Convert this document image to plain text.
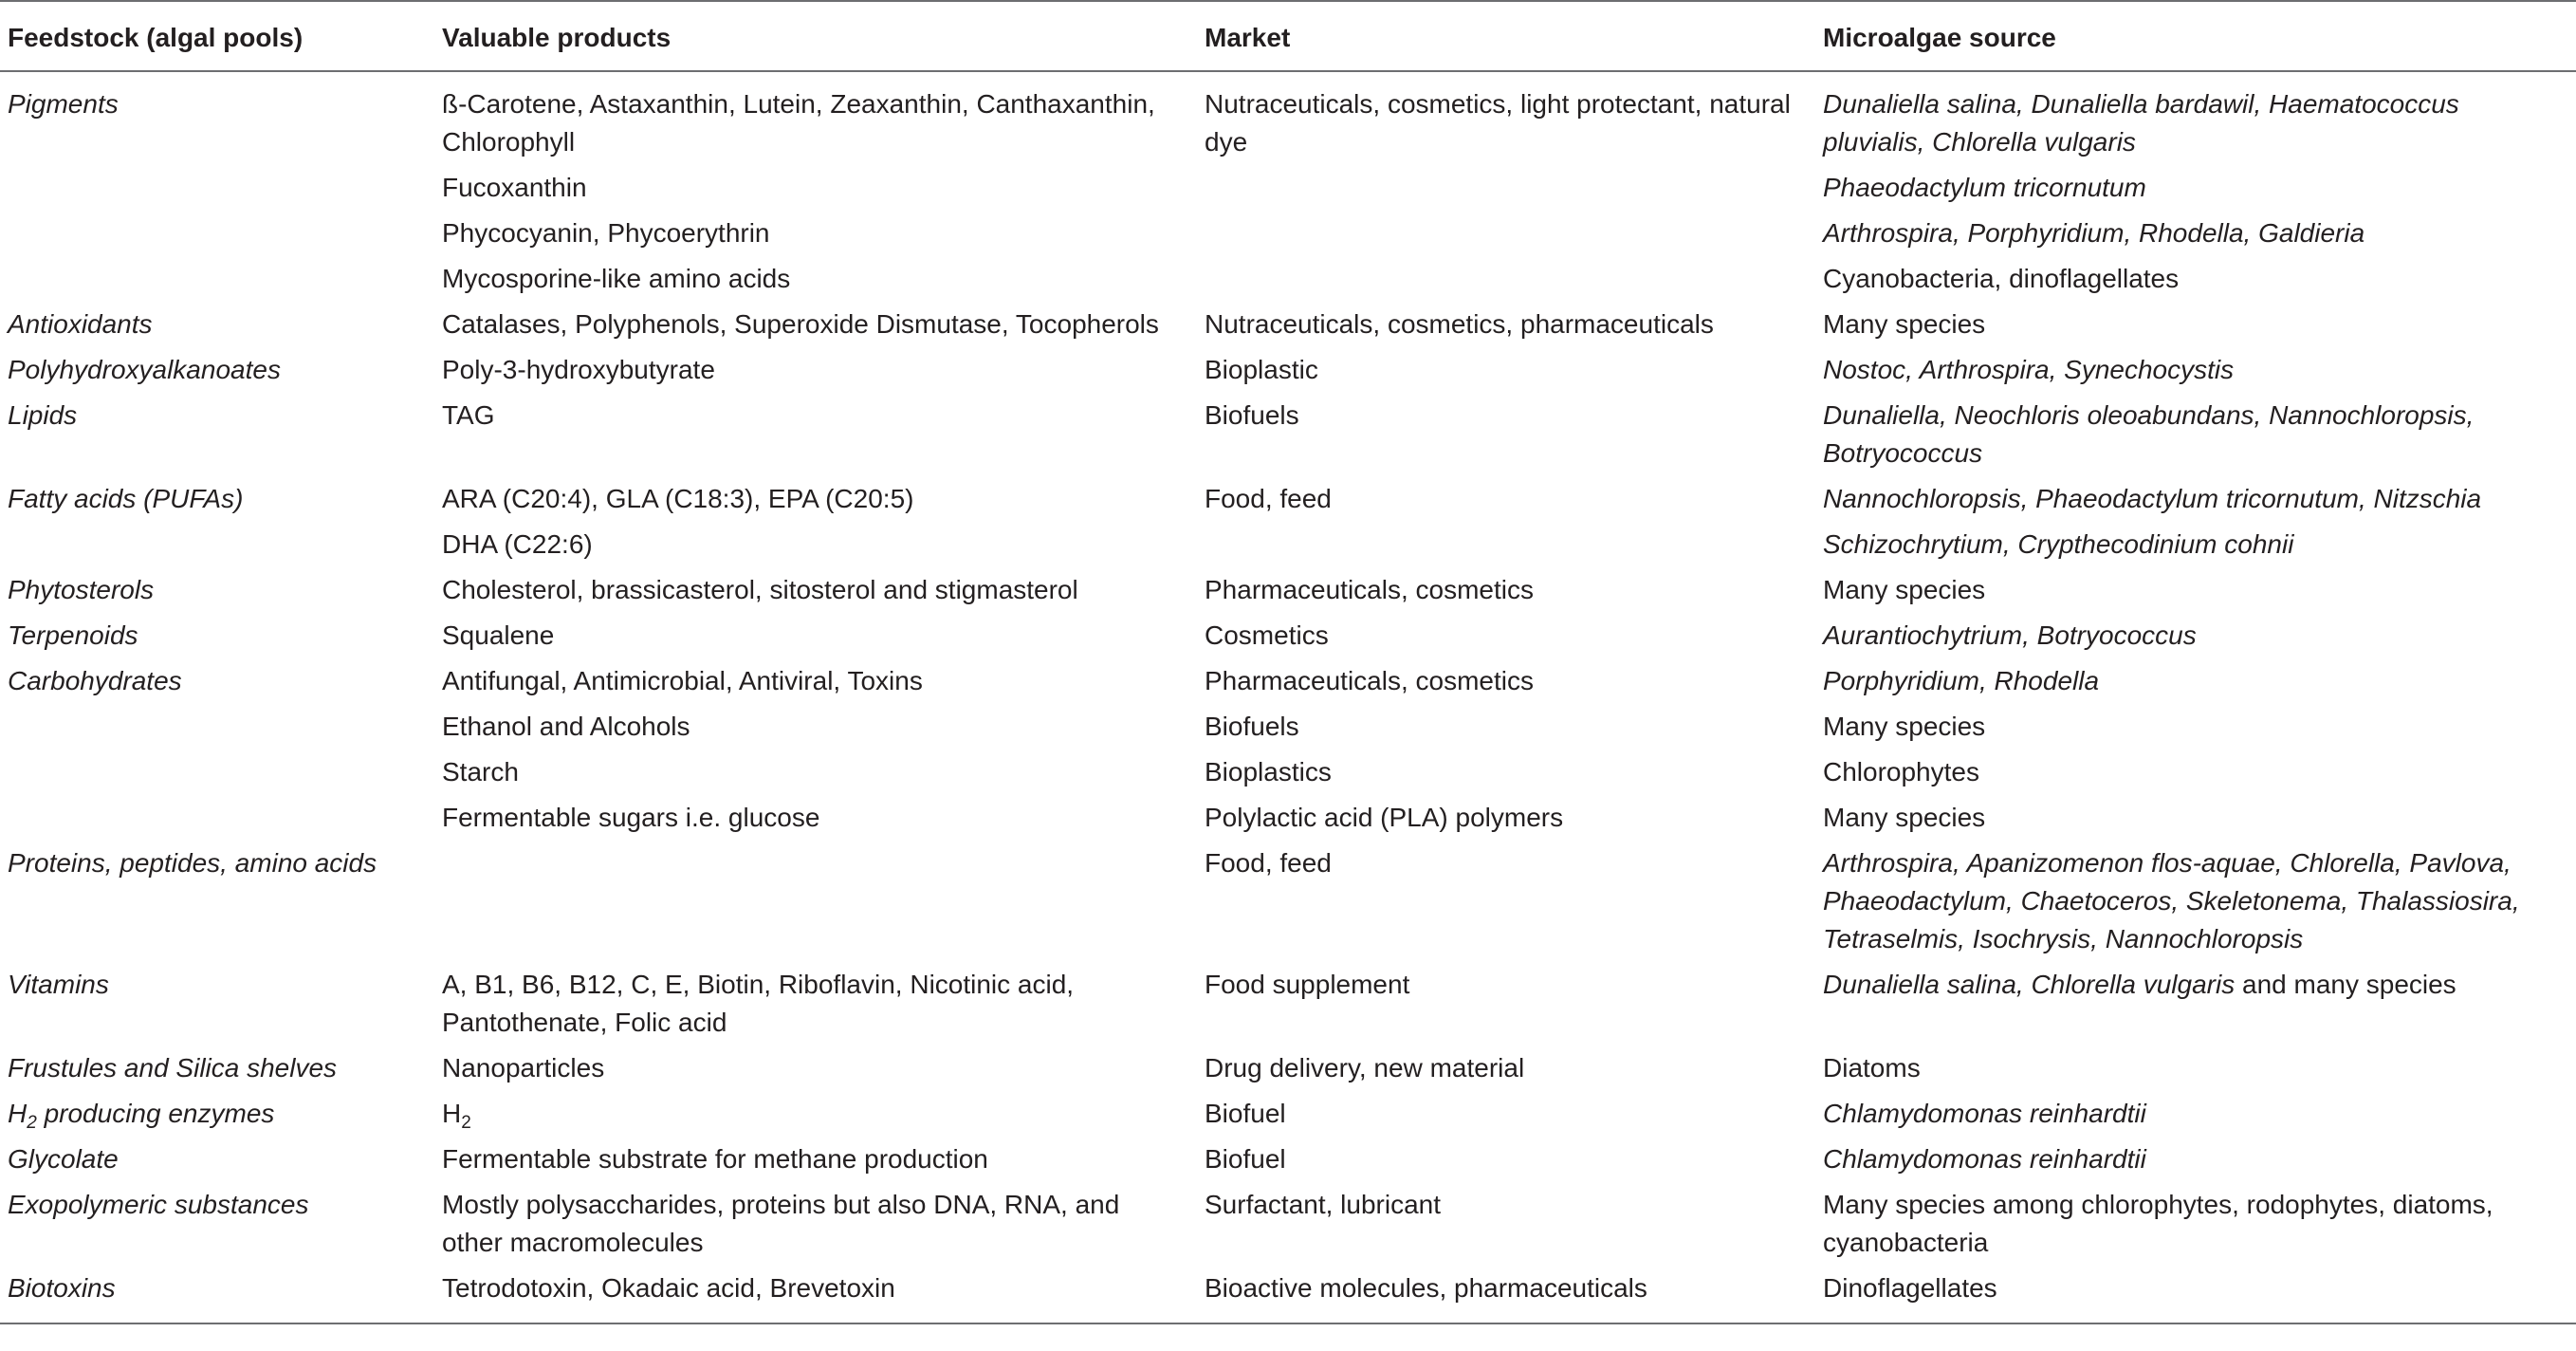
Feedstock (algal pools)	Valuable products	Market	Microalgae source
Pigments	ß-Carotene, Astaxanthin, Lutein, Zeaxanthin, Canthaxanthin, Chlorophyll	Nutraceuticals, cosmetics, light protectant, natural dye	Dunaliella salina, Dunaliella bardawil, Haematococcus pluvialis, Chlorella vulgaris
	Fucoxanthin		Phaeodactylum tricornutum
	Phycocyanin, Phycoerythrin		Arthrospira, Porphyridium, Rhodella, Galdieria
	Mycosporine-like amino acids		Cyanobacteria, dinoflagellates
Antioxidants	Catalases, Polyphenols, Superoxide Dismutase, Tocopherols	Nutraceuticals, cosmetics, pharmaceuticals	Many species
Polyhydroxyalkanoates	Poly-3-hydroxybutyrate	Bioplastic	Nostoc, Arthrospira, Synechocystis
Lipids	TAG	Biofuels	Dunaliella, Neochloris oleoabundans, Nannochloropsis, Botryococcus
Fatty acids (PUFAs)	ARA (C20:4), GLA (C18:3), EPA (C20:5)	Food, feed	Nannochloropsis, Phaeodactylum tricornutum, Nitzschia
	DHA (C22:6)		Schizochrytium, Crypthecodinium cohnii
Phytosterols	Cholesterol, brassicasterol, sitosterol and stigmasterol	Pharmaceuticals, cosmetics	Many species
Terpenoids	Squalene	Cosmetics	Aurantiochytrium, Botryococcus
Carbohydrates	Antifungal, Antimicrobial, Antiviral, Toxins	Pharmaceuticals, cosmetics	Porphyridium, Rhodella
	Ethanol and Alcohols	Biofuels	Many species
	Starch	Bioplastics	Chlorophytes
	Fermentable sugars i.e. glucose	Polylactic acid (PLA) polymers	Many species
Proteins, peptides, amino acids		Food, feed	Arthrospira, Apanizomenon flos-aquae, Chlorella, Pavlova, Phaeodactylum, Chaetoceros, Skeletonema, Thalassiosira, Tetraselmis, Isochrysis, Nannochloropsis
Vitamins	A, B1, B6, B12, C, E, Biotin, Riboflavin, Nicotinic acid, Pantothenate, Folic acid	Food supplement	Dunaliella salina, Chlorella vulgaris and many species
Frustules and Silica shelves	Nanoparticles	Drug delivery, new material	Diatoms
$H_2$ producing enzymes	$H_2$	Biofuel	Chlamydomonas reinhardtii
Glycolate	Fermentable substrate for methane production	Biofuel	Chlamydomonas reinhardtii
Exopolymeric substances	Mostly polysaccharides, proteins but also DNA, RNA, and other macromolecules	Surfactant, lubricant	Many species among chlorophytes, rodophytes, diatoms, cyanobacteria
Biotoxins	Tetrodotoxin, Okadaic acid, Brevetoxin	Bioactive molecules, pharmaceuticals	Dinoflagellates
